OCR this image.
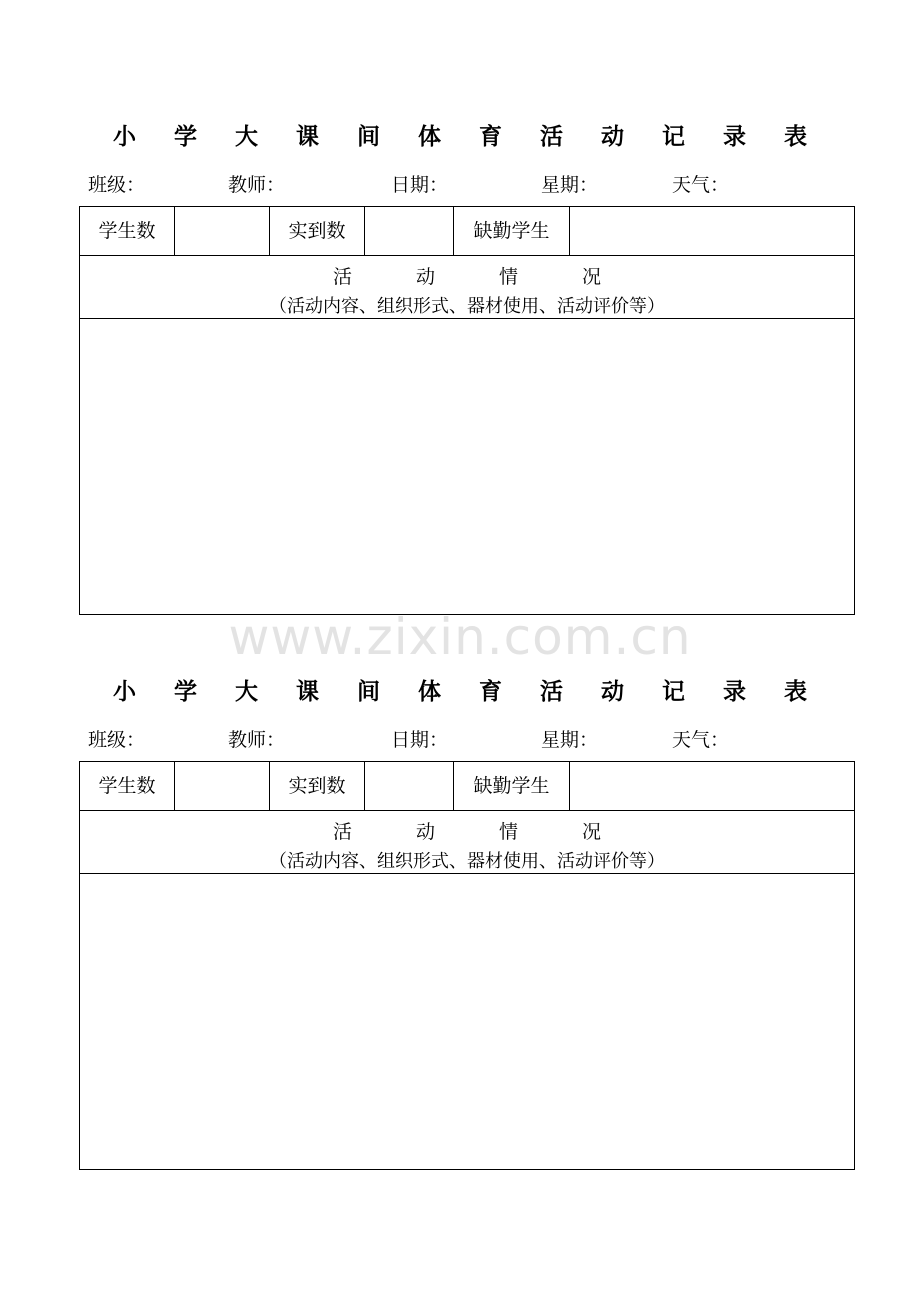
小 学 大 课 间 体 育 活 动 记 录 表
班级：	教师：	日期：	星期：	天气：
学生数	实到数	缺勤学生
活 动 情 况
（活动内容、组织形式、器材使用、活动评价等）
www.zixin.com.cn
小 学 大 课 间 体 育 活 动 记 录 表
班级：	教师：	日期：	星期：	天气：
学生数	实到数	缺勤学生
活 动 情 况
（活动内容、组织形式、器材使用、活动评价等）
